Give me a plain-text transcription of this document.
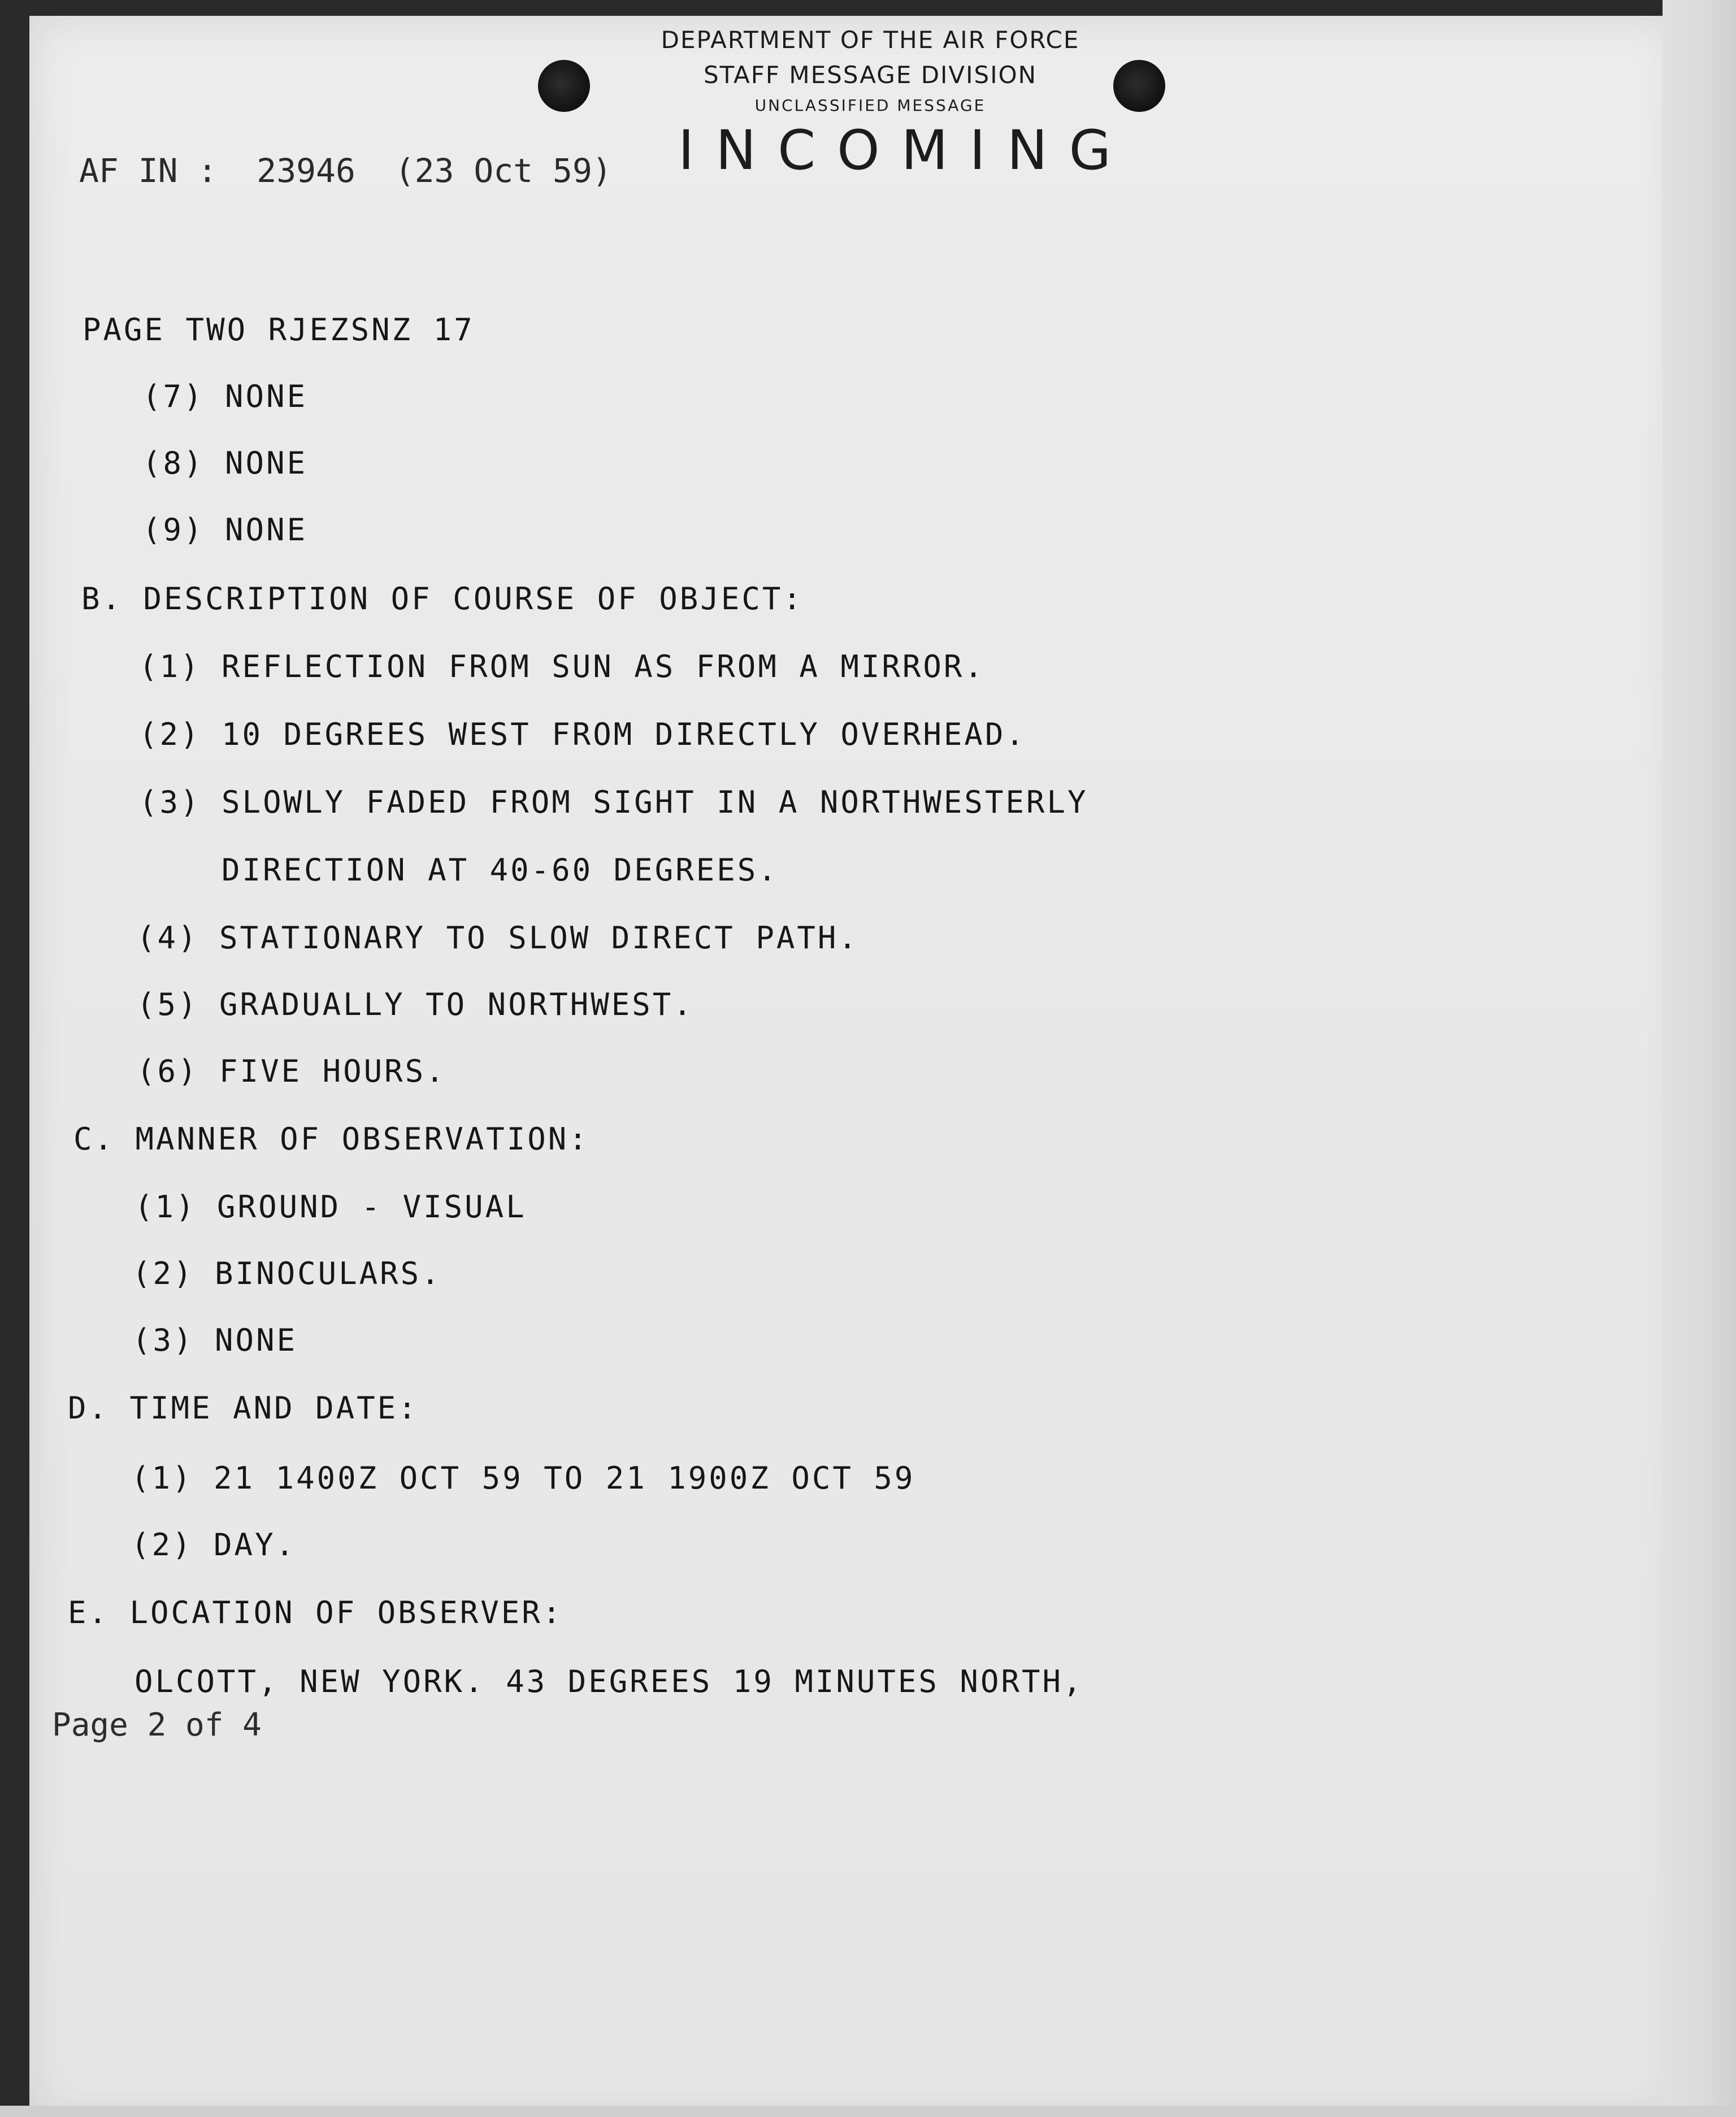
DEPARTMENT OF THE AIR FORCE
STAFF MESSAGE DIVISION
UNCLASSIFIED MESSAGE
INCOMING
AF IN :  23946  (23 Oct 59)
PAGE TWO RJEZSNZ 17
(7) NONE
(8) NONE
(9) NONE
B. DESCRIPTION OF COURSE OF OBJECT:
(1) REFLECTION FROM SUN AS FROM A MIRROR.
(2) 10 DEGREES WEST FROM DIRECTLY OVERHEAD.
(3) SLOWLY FADED FROM SIGHT IN A NORTHWESTERLY
DIRECTION AT 40-60 DEGREES.
(4) STATIONARY TO SLOW DIRECT PATH.
(5) GRADUALLY TO NORTHWEST.
(6) FIVE HOURS.
C. MANNER OF OBSERVATION:
(1) GROUND - VISUAL
(2) BINOCULARS.
(3) NONE
D. TIME AND DATE:
(1) 21 1400Z OCT 59 TO 21 1900Z OCT 59
(2) DAY.
E. LOCATION OF OBSERVER:
OLCOTT, NEW YORK. 43 DEGREES 19 MINUTES NORTH,
Page 2 of 4
